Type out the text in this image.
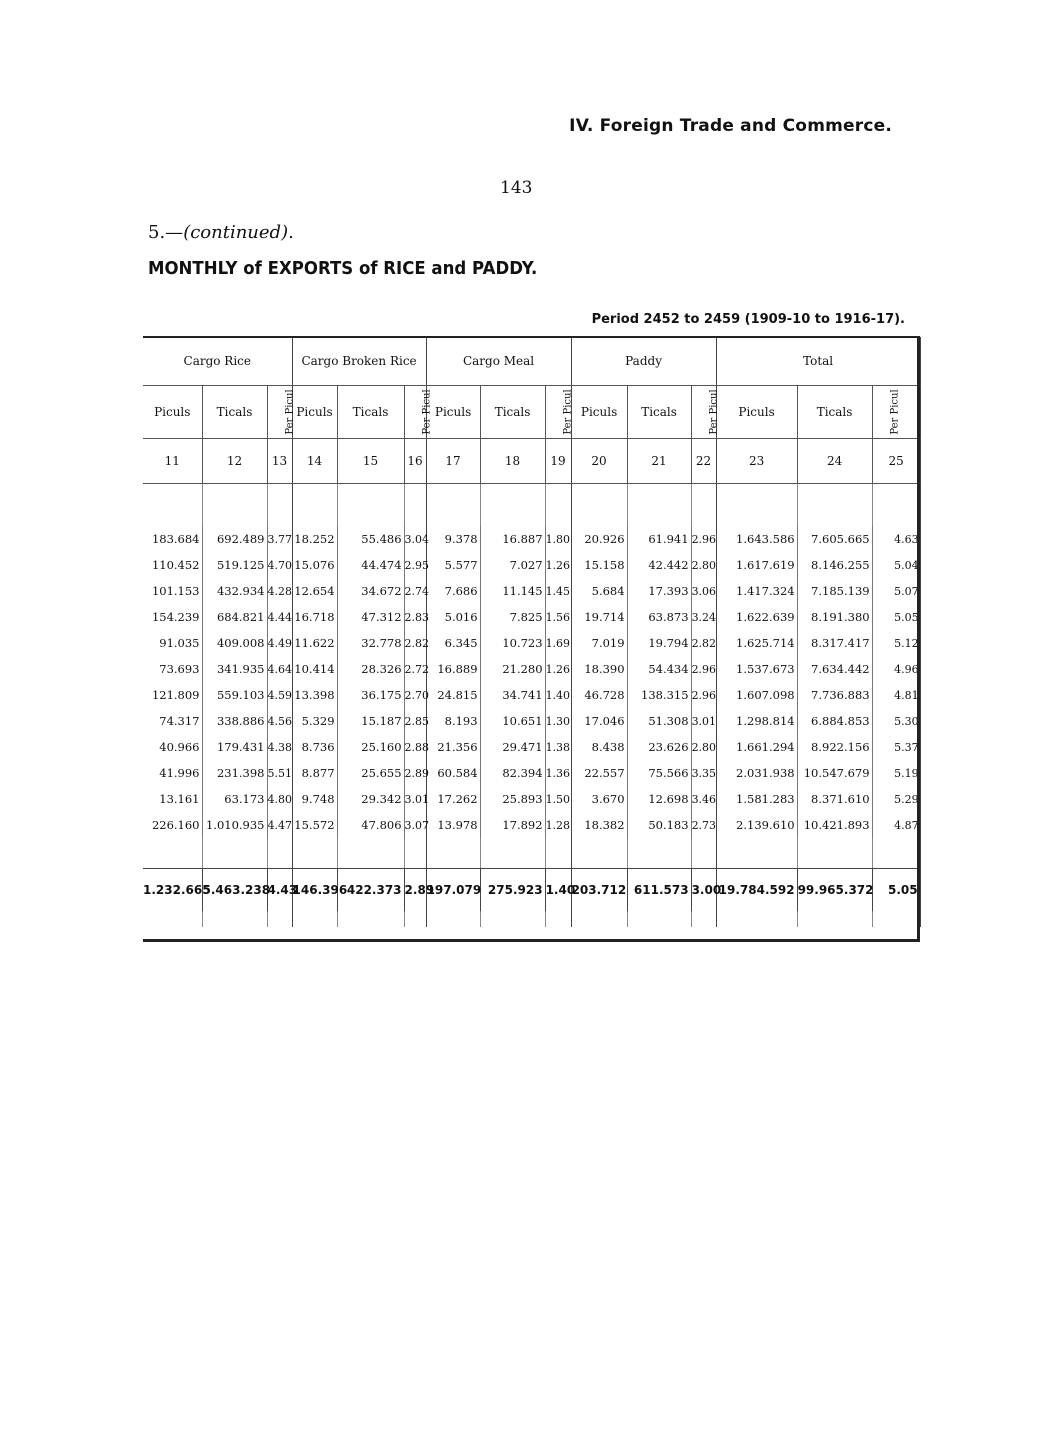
IV. Foreign Trade and Commerce.
143
5.—(continued).
MONTHLY of EXPORTS of RICE and PADDY.
Period 2452 to 2459 (1909-10 to 1916-17).
Cargo Rice			Cargo Broken Rice			Cargo Meal			Paddy			Total		
Piculs	Ticals	Per Picul	Piculs	Ticals	Per Picul	Piculs	Ticals	Per Picul	Piculs	Ticals	Per Picul	Piculs	Ticals	Per Picul
11	12	13	14	15	16	17	18	19	20	21	22	23	24	25

183.684	692.489	3.77	18.252	55.486	3.04	9.378	16.887	1.80	20.926	61.941	2.96	1.643.586	7.605.665	4.63
110.452	519.125	4.70	15.076	44.474	2.95	5.577	7.027	1.26	15.158	42.442	2.80	1.617.619	8.146.255	5.04
101.153	432.934	4.28	12.654	34.672	2.74	7.686	11.145	1.45	5.684	17.393	3.06	1.417.324	7.185.139	5.07
154.239	684.821	4.44	16.718	47.312	2.83	5.016	7.825	1.56	19.714	63.873	3.24	1.622.639	8.191.380	5.05
91.035	409.008	4.49	11.622	32.778	2.82	6.345	10.723	1.69	7.019	19.794	2.82	1.625.714	8.317.417	5.12
73.693	341.935	4.64	10.414	28.326	2.72	16.889	21.280	1.26	18.390	54.434	2.96	1.537.673	7.634.442	4.96
121.809	559.103	4.59	13.398	36.175	2.70	24.815	34.741	1.40	46.728	138.315	2.96	1.607.098	7.736.883	4.81
74.317	338.886	4.56	5.329	15.187	2.85	8.193	10.651	1.30	17.046	51.308	3.01	1.298.814	6.884.853	5.30
40.966	179.431	4.38	8.736	25.160	2.88	21.356	29.471	1.38	8.438	23.626	2.80	1.661.294	8.922.156	5.37
41.996	231.398	5.51	8.877	25.655	2.89	60.584	82.394	1.36	22.557	75.566	3.35	2.031.938	10.547.679	5.19
13.161	63.173	4.80	9.748	29.342	3.01	17.262	25.893	1.50	3.670	12.698	3.46	1.581.283	8.371.610	5.29
226.160	1.010.935	4.47	15.572	47.806	3.07	13.978	17.892	1.28	18.382	50.183	2.73	2.139.610	10.421.893	4.87

1.232.665	5.463.238	4.43	146.396	422.373	2.89	197.079	275.923	1.40	203.712	611.573	3.00	19.784.592	99.965.372	5.05
